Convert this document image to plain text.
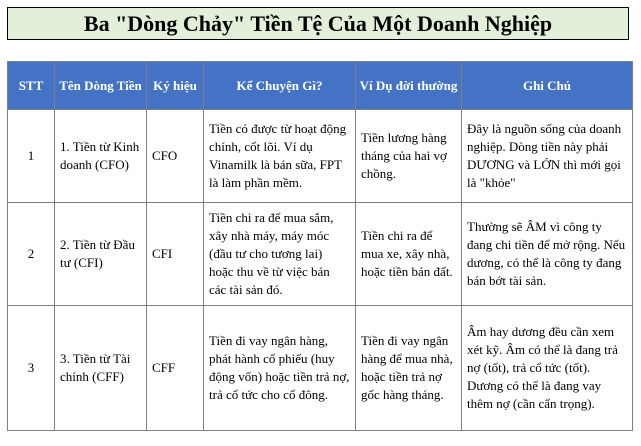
Ba "Dòng Chảy" Tiền Tệ Của Một Doanh Nghiệp
STT	Tên Dòng Tiền	Ký hiệu	Kể Chuyện Gì?	Ví Dụ đời thường	Ghi Chú
1	1. Tiền từ Kinh doanh (CFO)	CFO	Tiền có được từ hoạt động chính, cốt lõi. Ví dụ Vinamilk là bán sữa, FPT là làm phần mềm.	Tiền lương hàng tháng của hai vợ chồng.	Đây là nguồn sống của doanh nghiệp. Dòng tiền này phải DƯƠNG và LỚN thì mới gọi là "khỏe"
2	2. Tiền từ Đầu tư (CFI)	CFI	Tiền chi ra để mua sắm, xây nhà máy, máy móc (đầu tư cho tương lai) hoặc thu về từ việc bán các tài sản đó.	Tiền chi ra để mua xe, xây nhà, hoặc tiền bán đất.	Thường sẽ ÂM vì công ty đang chi tiền để mở rộng. Nếu dương, có thể là công ty đang bán bớt tài sản.
3	3. Tiền từ Tài chính (CFF)	CFF	Tiền đi vay ngân hàng, phát hành cổ phiếu (huy động vốn) hoặc tiền trả nợ, trả cổ tức cho cổ đông.	Tiền đi vay ngân hàng để mua nhà, hoặc tiền trả nợ gốc hàng tháng.	Âm hay dương đều cần xem xét kỹ. Âm có thể là đang trả nợ (tốt), trả cổ tức (tốt). Dương có thể là đang vay thêm nợ (cần cẩn trọng).
